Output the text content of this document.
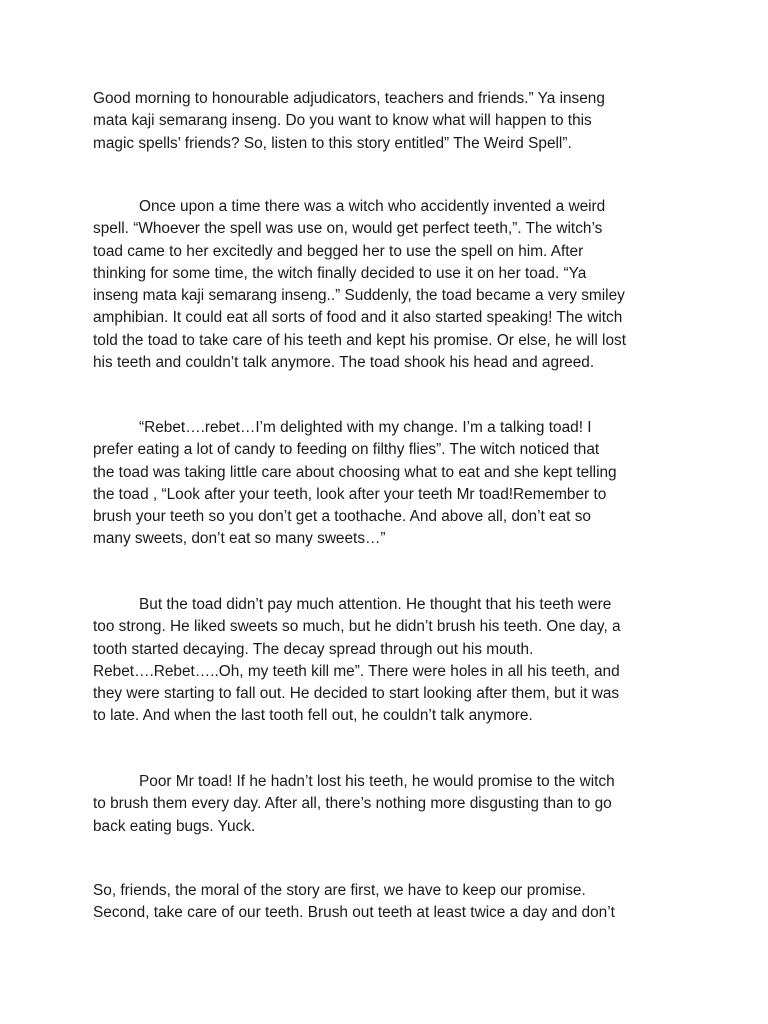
Good morning to honourable adjudicators, teachers and friends.” Ya inseng
mata kaji semarang inseng. Do you want to know what will happen to this
magic spells’ friends? So, listen to this story entitled” The Weird Spell”.

Once upon a time there was a witch who accidently invented a weird
spell. “Whoever the spell was use on, would get perfect teeth,”. The witch’s
toad came to her excitedly and begged her to use the spell on him. After
thinking for some time, the witch finally decided to use it on her toad. “Ya
inseng mata kaji semarang inseng..” Suddenly, the toad became a very smiley
amphibian. It could eat all sorts of food and it also started speaking! The witch
told the toad to take care of his teeth and kept his promise. Or else, he will lost
his teeth and couldn’t talk anymore. The toad shook his head and agreed.

“Rebet….rebet…I’m delighted with my change. I’m a talking toad! I
prefer eating a lot of candy to feeding on filthy flies”. The witch noticed that
the toad was taking little care about choosing what to eat and she kept telling
the toad , “Look after your teeth, look after your teeth Mr toad!Remember to
brush your teeth so you don’t get a toothache. And above all, don’t eat so
many sweets, don’t eat so many sweets…”

But the toad didn’t pay much attention. He thought that his teeth were
too strong. He liked sweets so much, but he didn’t brush his teeth. One day, a
tooth started decaying. The decay spread through out his mouth.
Rebet….Rebet…..Oh, my teeth kill me”. There were holes in all his teeth, and
they were starting to fall out. He decided to start looking after them, but it was
to late. And when the last tooth fell out, he couldn’t talk anymore.

Poor Mr toad! If he hadn’t lost his teeth, he would promise to the witch
to brush them every day. After all, there’s nothing more disgusting than to go
back eating bugs. Yuck.

So, friends, the moral of the story are first, we have to keep our promise.
Second, take care of our teeth. Brush out teeth at least twice a day and don’t
